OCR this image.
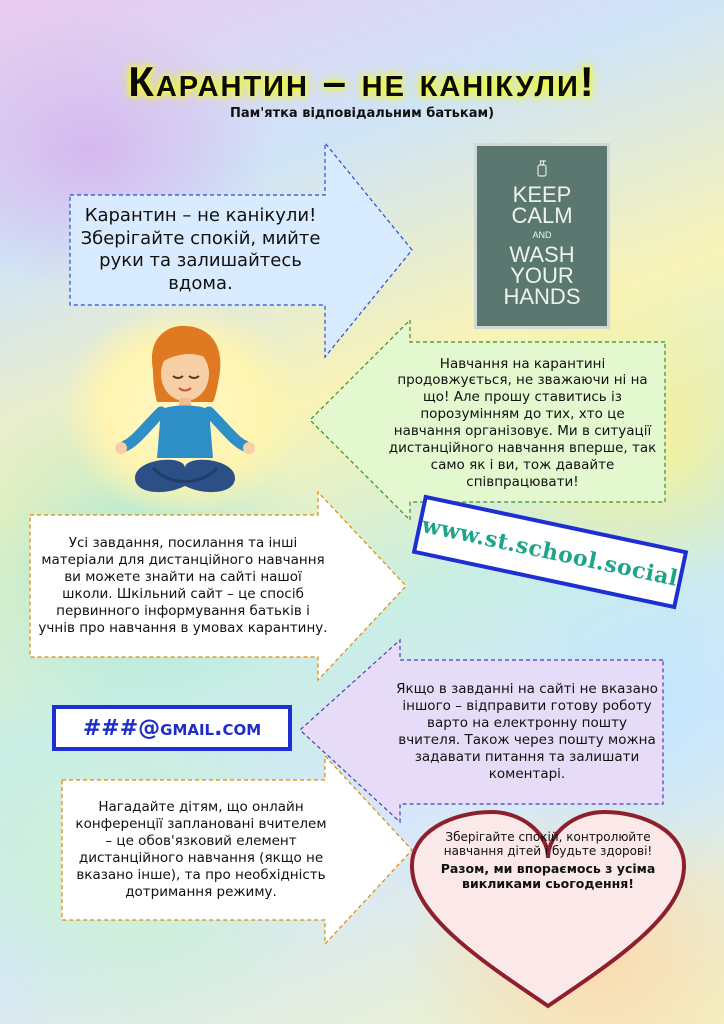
Карантин – не канікули!
Пам'ятка відповідальним батькам)
Карантин – не канікули! Зберігайте спокій, мийте руки та залишайтесь вдома.
Навчання на карантині продовжується, не зважаючи ні на що! Але прошу ставитись із порозумінням до тих, хто це навчання організовує. Ми в ситуації дистанційного навчання вперше, так само як і ви, тож давайте співпрацювати!
Усі завдання, посилання та інші матеріали для дистанційного навчання ви можете знайти на сайті нашої школи. Шкільний сайт – це спосіб первинного інформування батьків і учнів про навчання в умовах карантину.
Якщо в завданні на сайті не вказано іншого – відправити готову роботу варто на електронну пошту вчителя. Також через пошту можна задавати питання та залишати коментарі.
Нагадайте дітям, що онлайн конференції заплановані вчителем – це обов'язковий елемент дистанційного навчання (якщо не вказано інше), та про необхідність дотримання режиму.
KEEP
CALM
AND
WASH
YOUR
HANDS
www.st.school.social
###@gmail.com
Зберігайте спокій, контролюйте навчання дітей і будьте здорові!
Разом, ми впораємось з усіма викликами сьогодення!
